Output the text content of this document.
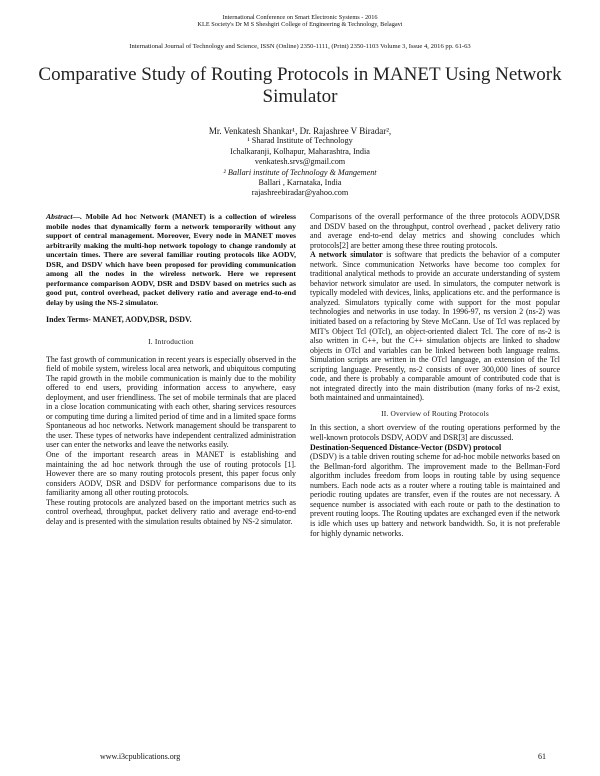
International Conference on Smart Electronic Systems - 2016
KLE Society's Dr M S Sheshgiri College of Engineering & Technology, Belagavi
International Journal of Technology and Science, ISSN (Online) 2350-1111, (Print) 2350-1103 Volume 3, Issue 4, 2016 pp. 61-63
Comparative Study of Routing Protocols in MANET Using Network Simulator
Mr. Venkatesh Shankar¹, Dr. Rajashree V Biradar²,
¹ Sharad Institute of Technology
Ichalkaranji, Kolhapur, Maharashtra, India
venkatesh.srvs@gmail.com
² Ballari institute of Technology & Mangement
Ballari , Karnataka, India
rajashreebiradar@yahoo.com

Abstract—. Mobile Ad hoc Network (MANET) is a collection of wireless mobile nodes that dynamically form a network temporarily without any support of central management. Moreover, Every node in MANET moves arbitrarily making the multi-hop network topology to change randomly at uncertain times. There are several familiar routing protocols like AODV, DSR, and DSDV which have been proposed for providing communication among all the nodes in the wireless network. Here we represent performance comparison AODV, DSR and DSDV based on metrics such as good put, control overhead, packet delivery ratio and average end-to-end delay by using the NS-2 simulator.

Index Terms- MANET, AODV,DSR, DSDV.

I. Introduction

The fast growth of communication in recent years is especially observed in the field of mobile system, wireless local area network, and ubiquitous computing The rapid growth in the mobile communication is mainly due to the mobility offered to end users, providing information access to anywhere, easy deployment, and user friendliness. The set of mobile terminals that are placed in a close location communicating with each other, sharing services resources or computing time during a limited period of time and in a limited space forms Spontaneous ad hoc networks. Network management should be transparent to the user. These types of networks have independent centralized administration user can enter the networks and leave the networks easily.

One of the important research areas in MANET is establishing and maintaining the ad hoc network through the use of routing protocols [1]. However there are so many routing protocols present, this paper focus only considers AODV, DSR and DSDV for performance comparisons due to its familiarity among all other routing protocols.

These routing protocols are analyzed based on the important metrics such as control overhead, throughput, packet delivery ratio and average end-to-end delay and is presented with the simulation results obtained by NS-2 simulator.

Comparisons of the overall performance of the three protocols AODV,DSR and DSDV based on the throughput, control overhead , packet delivery ratio and average end-to-end delay metrics and showing concludes which protocols[2] are better among these three routing protocols.

A network simulator is software that predicts the behavior of a computer network. Since communication Networks have become too complex for traditional analytical methods to provide an accurate understanding of system behavior network simulator are used. In simulators, the computer network is typically modeled with devices, links, applications etc. and the performance is analyzed. Simulators typically come with support for the most popular technologies and networks in use today. In 1996-97, ns version 2 (ns-2) was initiated based on a refactoring by Steve McCann. Use of Tcl was replaced by MIT's Object Tcl (OTcl), an object-oriented dialect Tcl. The core of ns-2 is also written in C++, but the C++ simulation objects are linked to shadow objects in OTcl and variables can be linked between both language realms. Simulation scripts are written in the OTcl language, an extension of the Tcl scripting language. Presently, ns-2 consists of over 300,000 lines of source code, and there is probably a comparable amount of contributed code that is not integrated directly into the main distribution (many forks of ns-2 exist, both maintained and unmaintained).

II. Overview of Routing Protocols

In this section, a short overview of the routing operations performed by the well-known protocols DSDV, AODV and DSR[3] are discussed.

Destination-Sequenced Distance-Vector (DSDV) protocol

(DSDV) is a table driven routing scheme for ad-hoc mobile networks based on the Bellman-ford algorithm. The improvement made to the Bellman-Ford algorithm includes freedom from loops in routing table by using sequence numbers. Each node acts as a router where a routing table is maintained and periodic routing updates are transfer, even if the routes are not necessary. A sequence number is associated with each route or path to the destination to prevent routing loops. The Routing updates are exchanged even if the network is idle which uses up battery and network bandwidth. So, it is not preferable for highly dynamic networks.

www.i3cpublications.org	61
